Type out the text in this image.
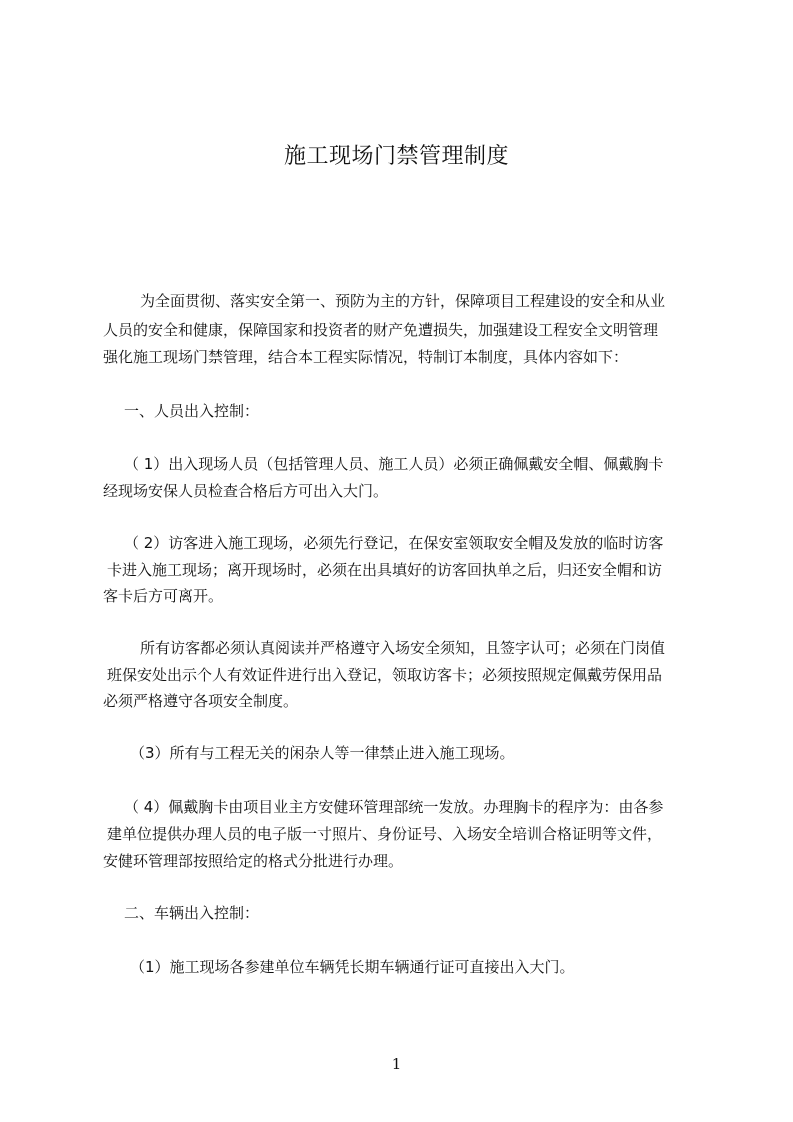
施工现场门禁管理制度

为全面贯彻、落实安全第一、预防为主的方针，保障项目工程建设的安全和从业

人员的安全和健康，保障国家和投资者的财产免遭损失，加强建设工程安全文明管理

强化施工现场门禁管理，结合本工程实际情况，特制订本制度，具体内容如下：

一、人员出入控制：

（ 1）出入现场人员（包括管理人员、施工人员）必须正确佩戴安全帽、佩戴胸卡

经现场安保人员检查合格后方可出入大门。

（ 2）访客进入施工现场，必须先行登记，在保安室领取安全帽及发放的临时访客

卡进入施工现场；离开现场时，必须在出具填好的访客回执单之后，归还安全帽和访

客卡后方可离开。

所有访客都必须认真阅读并严格遵守入场安全须知，且签字认可；必须在门岗值

班保安处出示个人有效证件进行出入登记，领取访客卡；必须按照规定佩戴劳保用品

必须严格遵守各项安全制度。

（3）所有与工程无关的闲杂人等一律禁止进入施工现场。

（ 4）佩戴胸卡由项目业主方安健环管理部统一发放。办理胸卡的程序为：由各参

建单位提供办理人员的电子版一寸照片、身份证号、入场安全培训合格证明等文件，

安健环管理部按照给定的格式分批进行办理。

二、车辆出入控制：

（1）施工现场各参建单位车辆凭长期车辆通行证可直接出入大门。

1
